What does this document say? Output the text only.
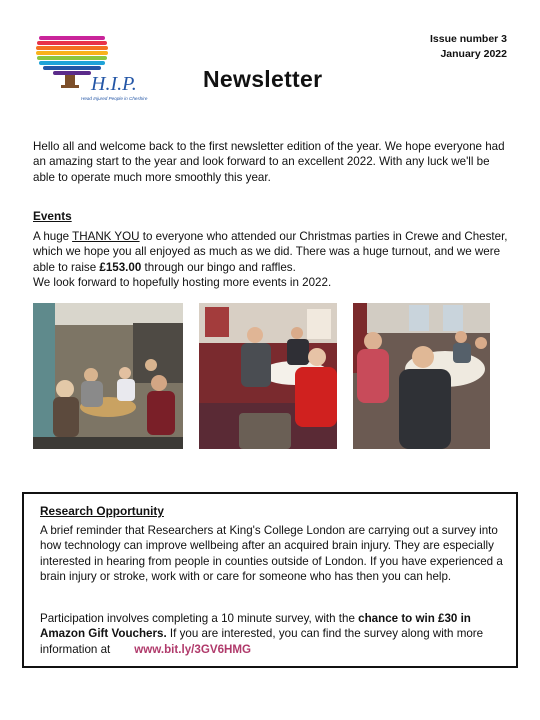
H.I.P.
Head Injured People in Cheshire
Issue number 3
January 2022
Newsletter

Hello all and welcome back to the first newsletter edition of the year. We hope everyone had an amazing start to the year and look forward to an excellent 2022. With any luck we'll be able to operate much more smoothly this year.

Events
A huge THANK YOU to everyone who attended our Christmas parties in Crewe and Chester, which we hope you all enjoyed as much as we did. There was a huge turnout, and we were able to raise £153.00 through our bingo and raffles.
We look forward to hopefully hosting more events in 2022.
Research Opportunity

A brief reminder that Researchers at King's College London are carrying out a survey into how technology can improve wellbeing after an acquired brain injury. They are especially interested in hearing from people in counties outside of London. If you have experienced a brain injury or stroke, work with or care for someone who has then you can help.

Participation involves completing a 10 minute survey, with the chance to win £30 in Amazon Gift Vouchers. If you are interested, you can find the survey along with more information at www.bit.ly/3GV6HMG
